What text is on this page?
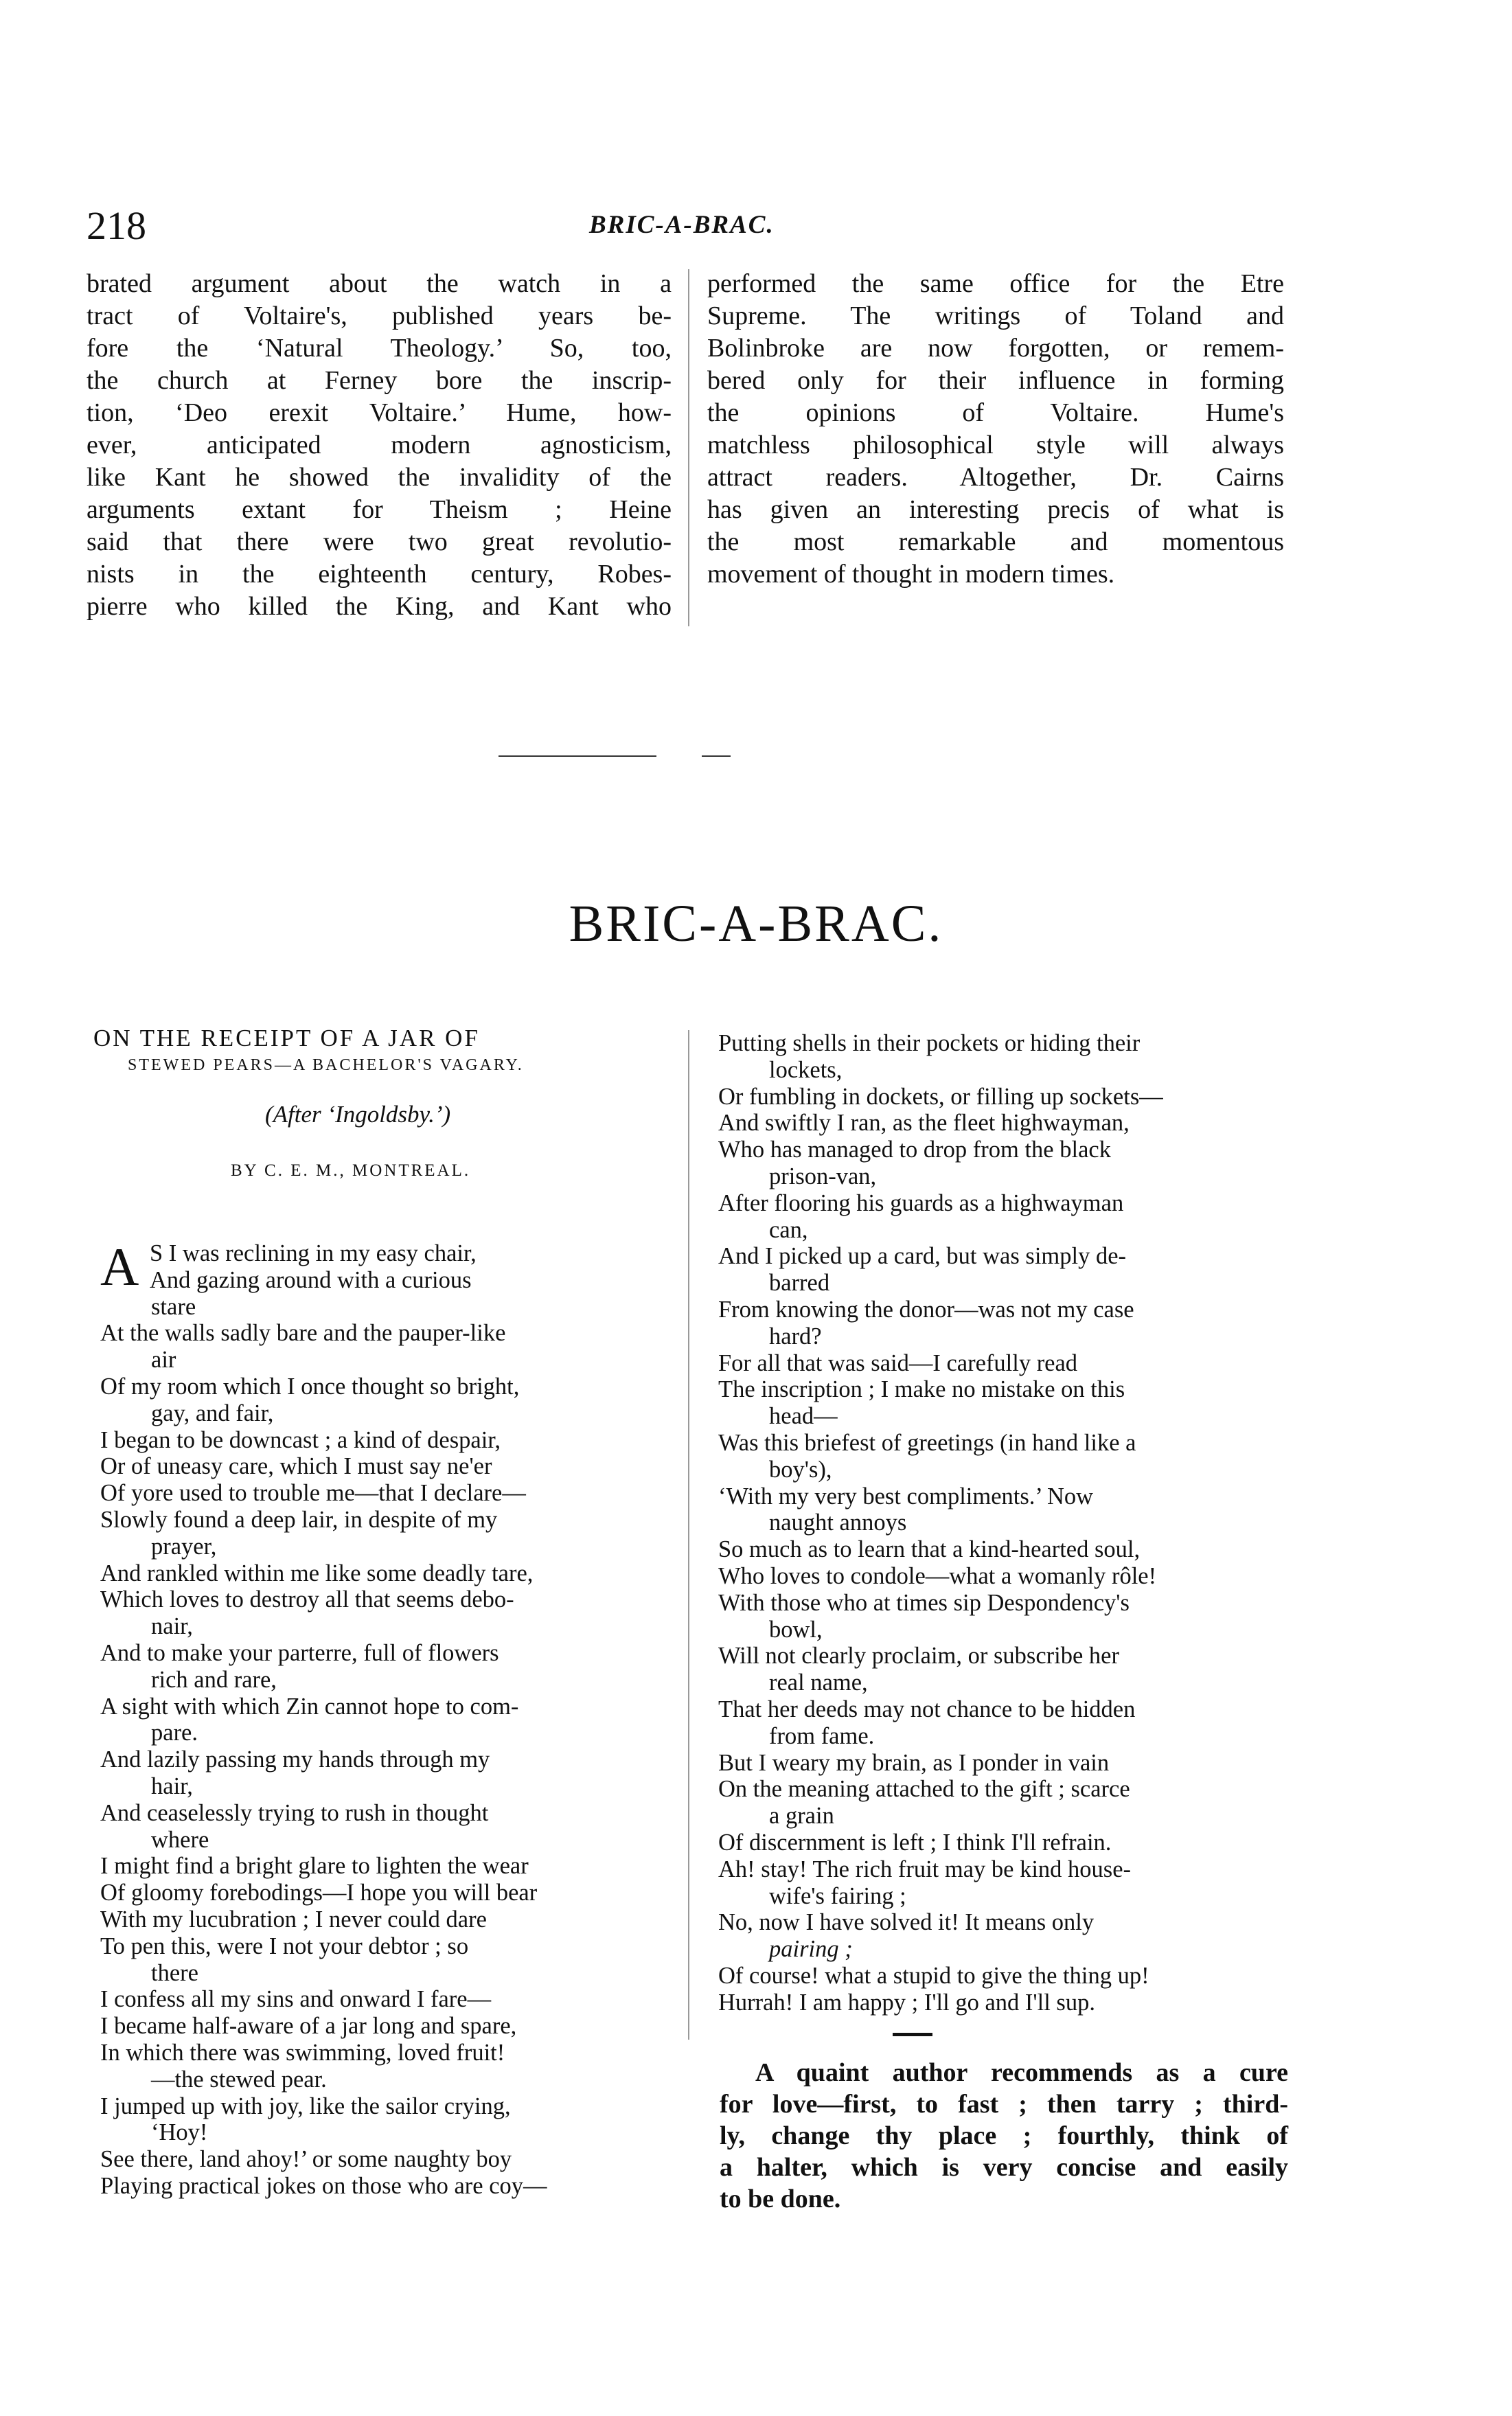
218	BRIC-A-BRAC.
brated argument about the watch in a
tract of Voltaire's, published years be-
fore the ‘Natural Theology.’ So, too,
the church at Ferney bore the inscrip-
tion, ‘Deo erexit Voltaire.’ Hume, how-
ever, anticipated modern agnosticism,
like Kant he showed the invalidity of the
arguments extant for Theism ; Heine
said that there were two great revolutio-
nists in the eighteenth century, Robes-
pierre who killed the King, and Kant who
performed the same office for the Etre
Supreme. The writings of Toland and
Bolinbroke are now forgotten, or remem-
bered only for their influence in forming
the opinions of Voltaire. Hume's
matchless philosophical style will always
attract readers. Altogether, Dr. Cairns
has given an interesting precis of what is
the most remarkable and momentous
movement of thought in modern times.
BRIC-A-BRAC.
ON THE RECEIPT OF A JAR OF
STEWED PEARS—A BACHELOR'S VAGARY.
(After ‘Ingoldsby.’)
BY C. E. M., MONTREAL.
A S I was reclining in my easy chair,
And gazing around with a curious
stare
At the walls sadly bare and the pauper-like
air
Of my room which I once thought so bright,
gay, and fair,
I began to be downcast ; a kind of despair,
Or of uneasy care, which I must say ne'er
Of yore used to trouble me—that I declare—
Slowly found a deep lair, in despite of my
prayer,
And rankled within me like some deadly tare,
Which loves to destroy all that seems debo-
nair,
And to make your parterre, full of flowers
rich and rare,
A sight with which Zin cannot hope to com-
pare.
And lazily passing my hands through my
hair,
And ceaselessly trying to rush in thought
where
I might find a bright glare to lighten the wear
Of gloomy forebodings—I hope you will bear
With my lucubration ; I never could dare
To pen this, were I not your debtor ; so
there
I confess all my sins and onward I fare—
I became half-aware of a jar long and spare,
In which there was swimming, loved fruit!
—the stewed pear.
I jumped up with joy, like the sailor crying,
‘Hoy!
See there, land ahoy!’ or some naughty boy
Playing practical jokes on those who are coy—
Putting shells in their pockets or hiding their
lockets,
Or fumbling in dockets, or filling up sockets—
And swiftly I ran, as the fleet highwayman,
Who has managed to drop from the black
prison-van,
After flooring his guards as a highwayman
can,
And I picked up a card, but was simply de-
barred
From knowing the donor—was not my case
hard?
For all that was said—I carefully read
The inscription ; I make no mistake on this
head—
Was this briefest of greetings (in hand like a
boy's),
‘With my very best compliments.’ Now
naught annoys
So much as to learn that a kind-hearted soul,
Who loves to condole—what a womanly rôle!
With those who at times sip Despondency's
bowl,
Will not clearly proclaim, or subscribe her
real name,
That her deeds may not chance to be hidden
from fame.
But I weary my brain, as I ponder in vain
On the meaning attached to the gift ; scarce
a grain
Of discernment is left ; I think I'll refrain.
Ah! stay! The rich fruit may be kind house-
wife's fairing ;
No, now I have solved it! It means only
pairing ;
Of course! what a stupid to give the thing up!
Hurrah! I am happy ; I'll go and I'll sup.
A quaint author recommends as a cure
for love—first, to fast ; then tarry ; third-
ly, change thy place ; fourthly, think of
a halter, which is very concise and easily
to be done.
